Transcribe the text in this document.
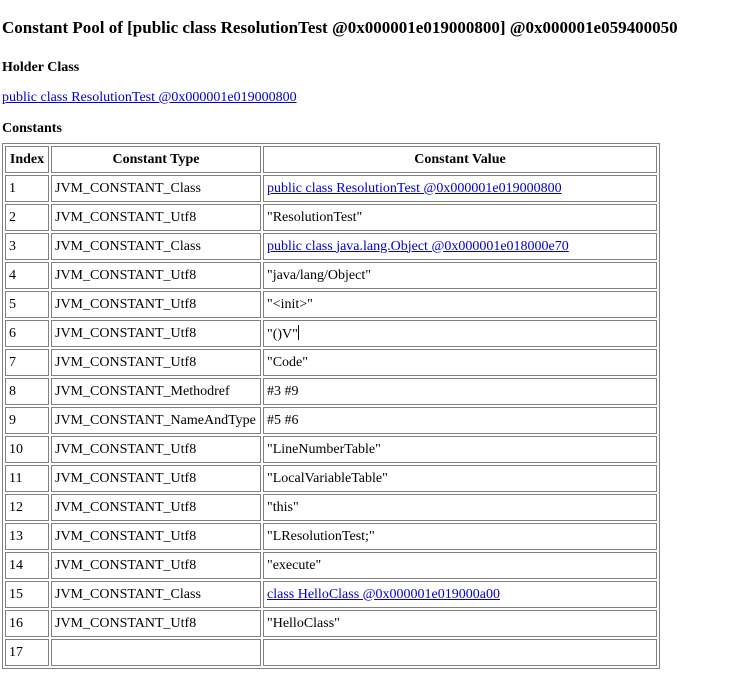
Constant Pool of [public class ResolutionTest @0x000001e019000800] @0x000001e059400050
Holder Class
public class ResolutionTest @0x000001e019000800
Constants
Index	Constant Type	Constant Value
1	JVM_CONSTANT_Class	public class ResolutionTest @0x000001e019000800
2	JVM_CONSTANT_Utf8	"ResolutionTest"
3	JVM_CONSTANT_Class	public class java.lang.Object @0x000001e018000e70
4	JVM_CONSTANT_Utf8	"java/lang/Object"
5	JVM_CONSTANT_Utf8	"<init>"
6	JVM_CONSTANT_Utf8	"()V"
7	JVM_CONSTANT_Utf8	"Code"
8	JVM_CONSTANT_Methodref	#3 #9
9	JVM_CONSTANT_NameAndType	#5 #6
10	JVM_CONSTANT_Utf8	"LineNumberTable"
11	JVM_CONSTANT_Utf8	"LocalVariableTable"
12	JVM_CONSTANT_Utf8	"this"
13	JVM_CONSTANT_Utf8	"LResolutionTest;"
14	JVM_CONSTANT_Utf8	"execute"
15	JVM_CONSTANT_Class	class HelloClass @0x000001e019000a00
16	JVM_CONSTANT_Utf8	"HelloClass"
17		
